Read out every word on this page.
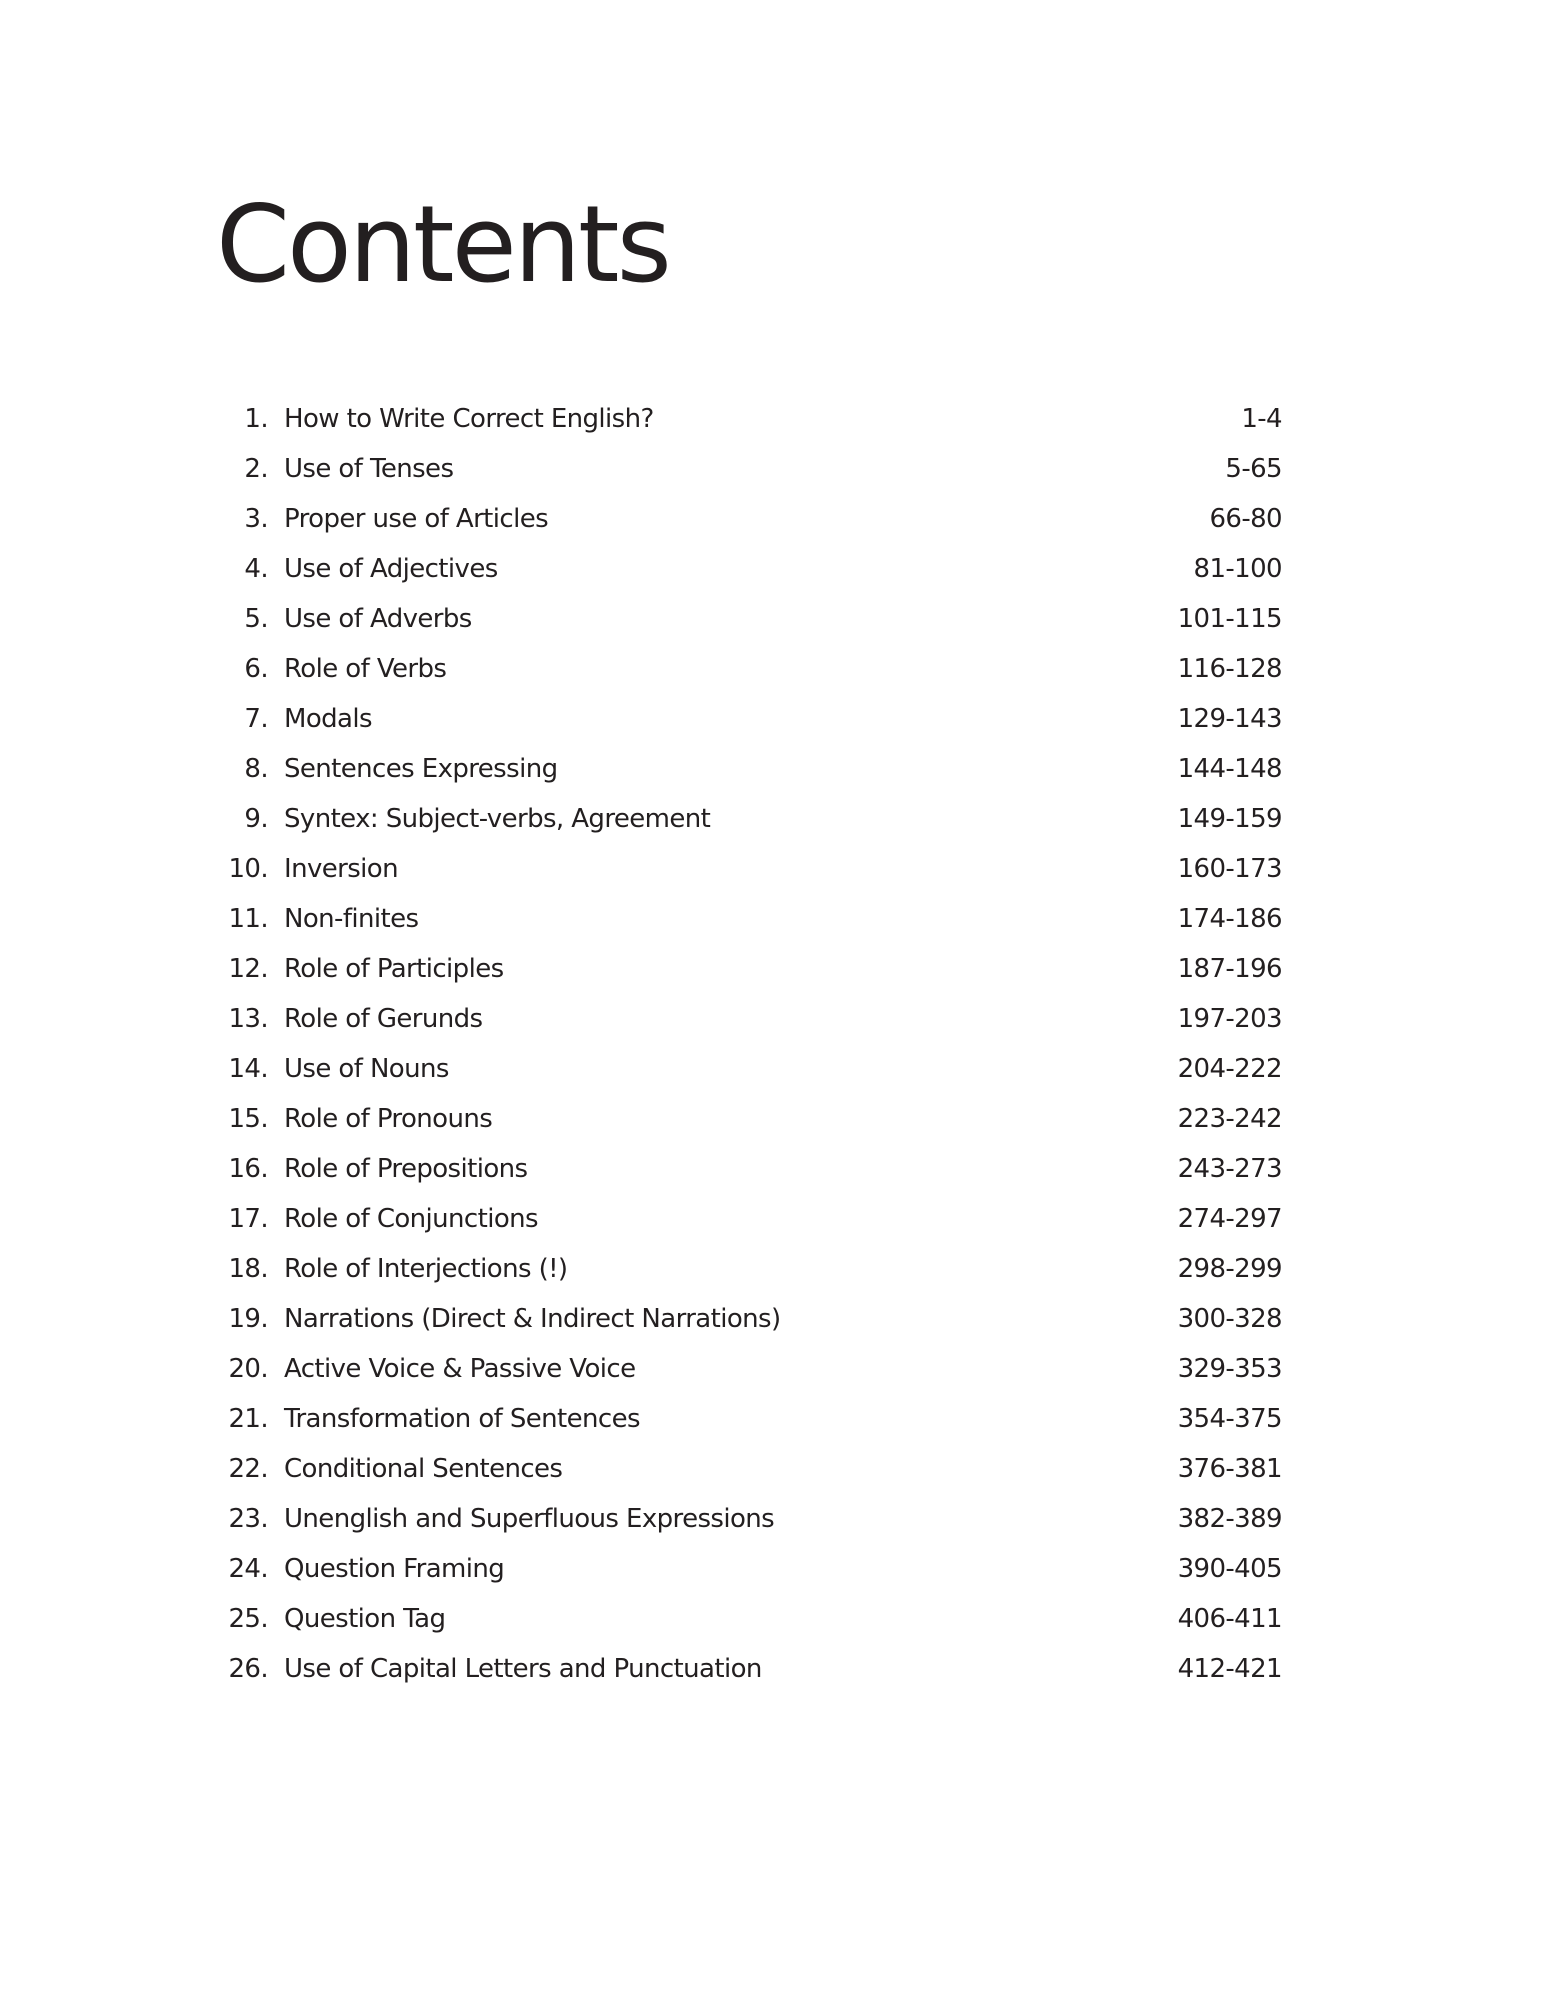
Contents
1. How to Write Correct English?	1-4
2. Use of Tenses	5-65
3. Proper use of Articles	66-80
4. Use of Adjectives	81-100
5. Use of Adverbs	101-115
6. Role of Verbs	116-128
7. Modals	129-143
8. Sentences Expressing	144-148
9. Syntex: Subject-verbs, Agreement	149-159
10. Inversion	160-173
11. Non-finites	174-186
12. Role of Participles	187-196
13. Role of Gerunds	197-203
14. Use of Nouns	204-222
15. Role of Pronouns	223-242
16. Role of Prepositions	243-273
17. Role of Conjunctions	274-297
18. Role of Interjections (!)	298-299
19. Narrations (Direct & Indirect Narrations)	300-328
20. Active Voice & Passive Voice	329-353
21. Transformation of Sentences	354-375
22. Conditional Sentences	376-381
23. Unenglish and Superfluous Expressions	382-389
24. Question Framing	390-405
25. Question Tag	406-411
26. Use of Capital Letters and Punctuation	412-421
